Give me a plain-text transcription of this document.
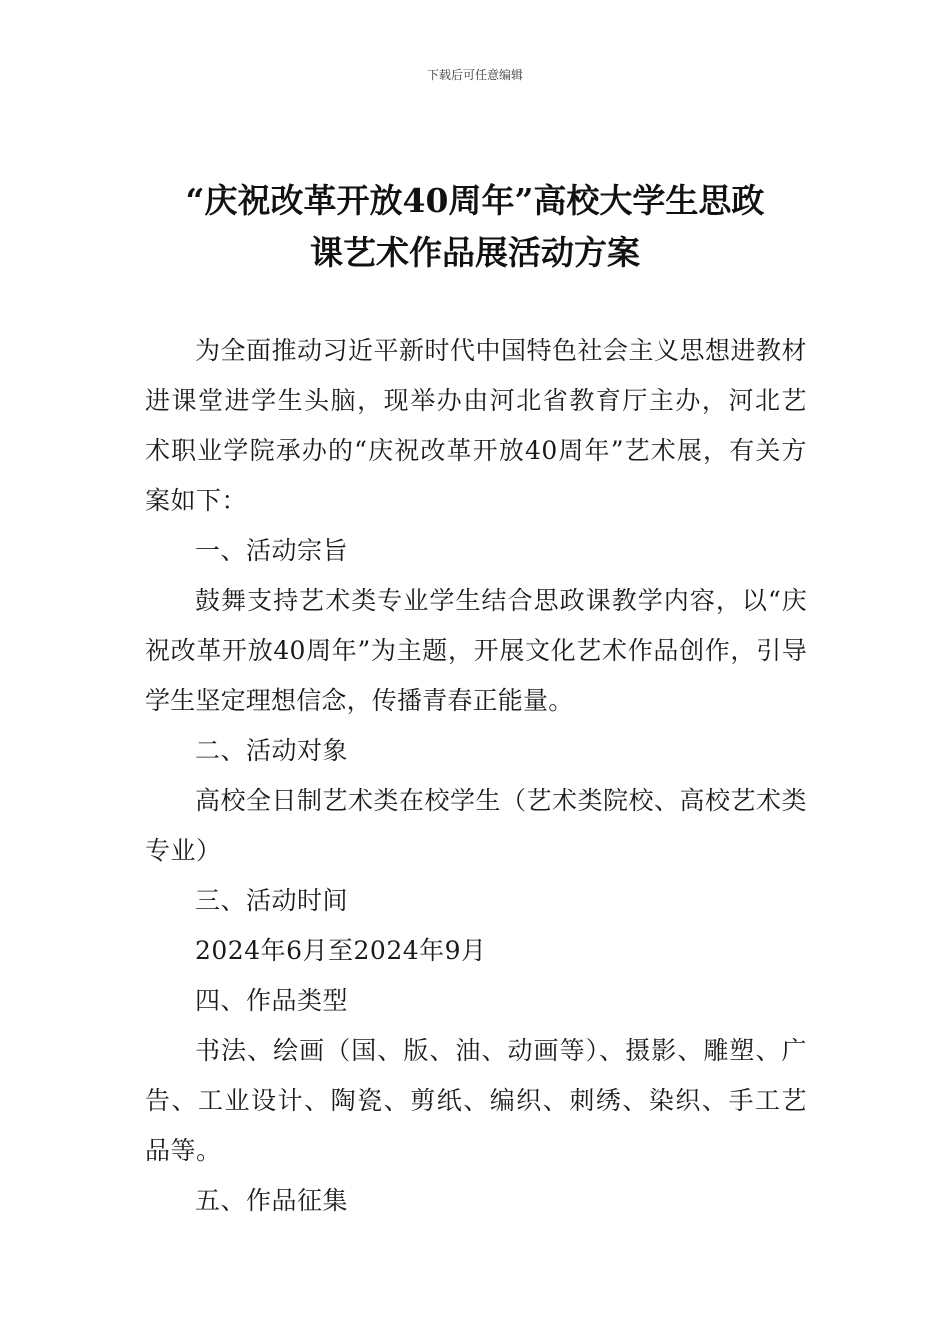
下载后可任意编辑
“庆祝改革开放40周年”高校大学生思政
课艺术作品展活动方案

为全面推动习近平新时代中国特色社会主义思想进教材进课堂进学生头脑，现举办由河北省教育厅主办，河北艺术职业学院承办的“庆祝改革开放40周年”艺术展，有关方案如下：

一、活动宗旨

鼓舞支持艺术类专业学生结合思政课教学内容，以“庆祝改革开放40周年”为主题，开展文化艺术作品创作，引导学生坚定理想信念，传播青春正能量。

二、活动对象

高校全日制艺术类在校学生（艺术类院校、高校艺术类专业）

三、活动时间

2024年6月至2024年9月

四、作品类型

书法、绘画（国、版、油、动画等）、摄影、雕塑、广告、工业设计、陶瓷、剪纸、编织、刺绣、染织、手工艺品等。

五、作品征集
